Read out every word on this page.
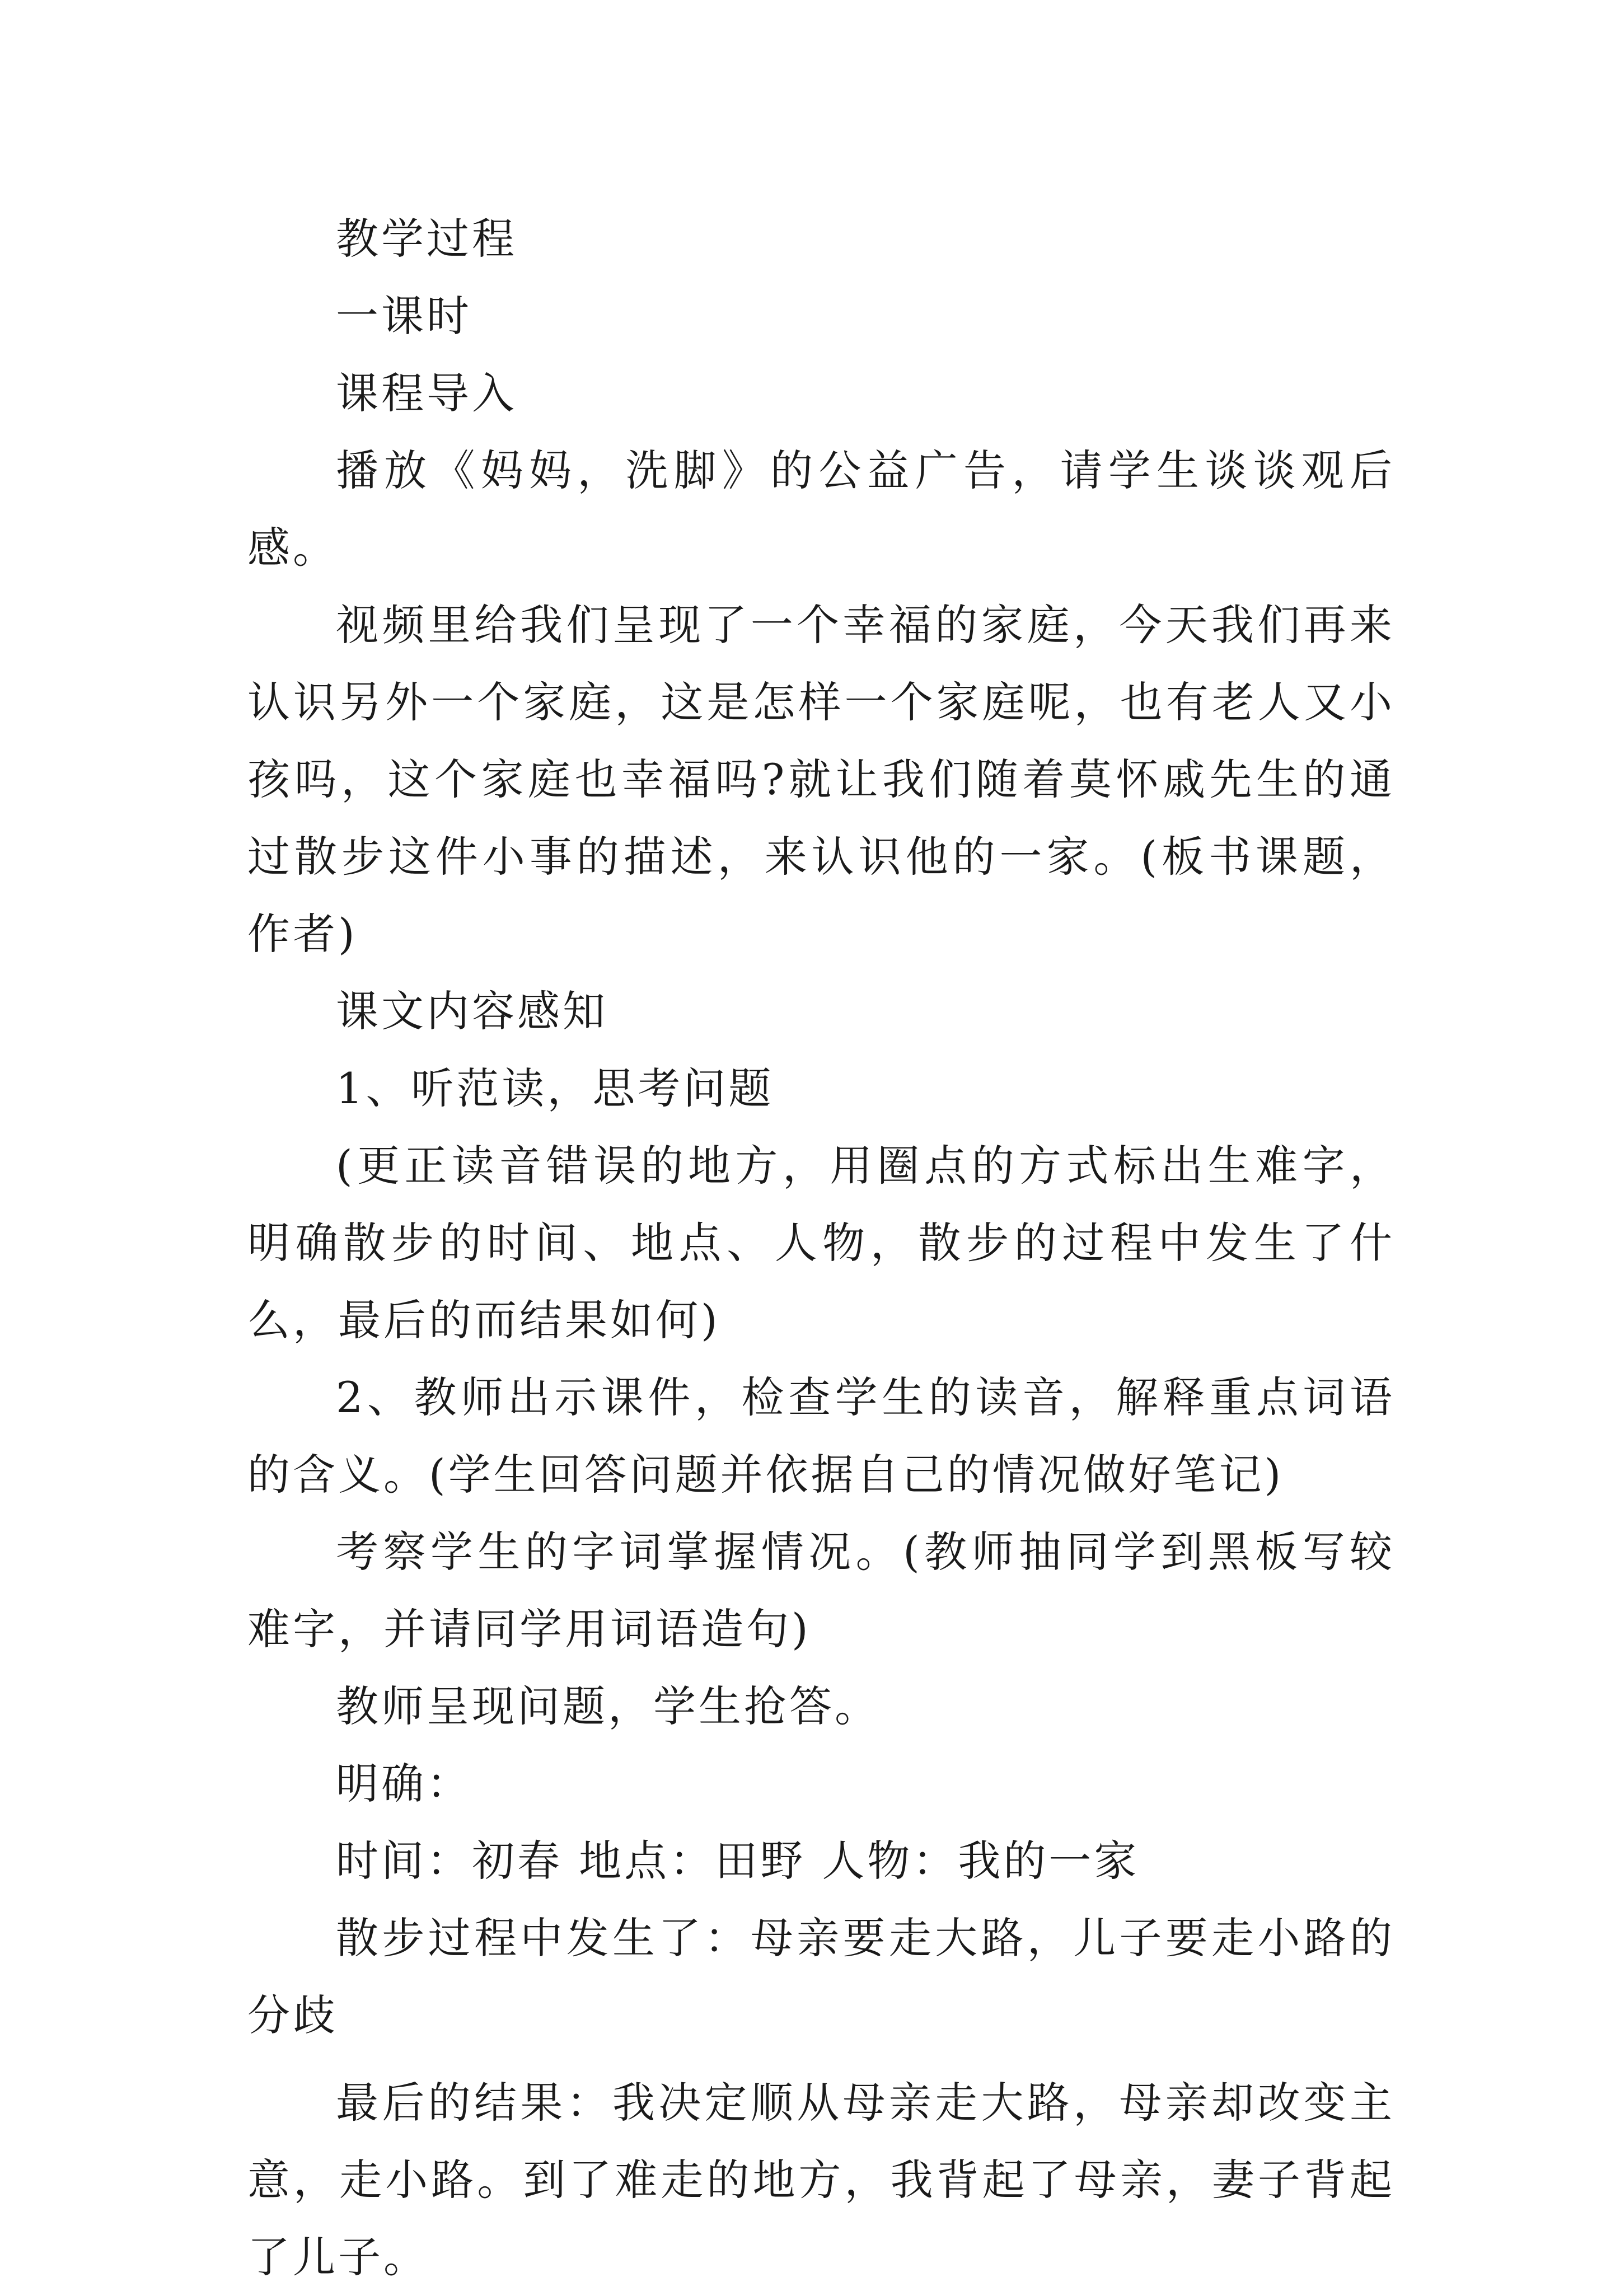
教学过程

一课时

课程导入

播放《妈妈，洗脚》的公益广告，请学生谈谈观后感。

视频里给我们呈现了一个幸福的家庭，今天我们再来认识另外一个家庭，这是怎样一个家庭呢，也有老人又小孩吗，这个家庭也幸福吗?就让我们随着莫怀戚先生的通过散步这件小事的描述，来认识他的一家。(板书课题，作者)

课文内容感知

1、听范读，思考问题

(更正读音错误的地方，用圈点的方式标出生难字，明确散步的时间、地点、人物，散步的过程中发生了什么，最后的而结果如何)

2、教师出示课件，检查学生的读音，解释重点词语的含义。(学生回答问题并依据自己的情况做好笔记)

考察学生的字词掌握情况。(教师抽同学到黑板写较难字，并请同学用词语造句)

教师呈现问题，学生抢答。

明确：

时间：初春 地点：田野 人物：我的一家

散步过程中发生了：母亲要走大路，儿子要走小路的分歧

最后的结果：我决定顺从母亲走大路，母亲却改变主意，走小路。到了难走的地方，我背起了母亲，妻子背起了儿子。
